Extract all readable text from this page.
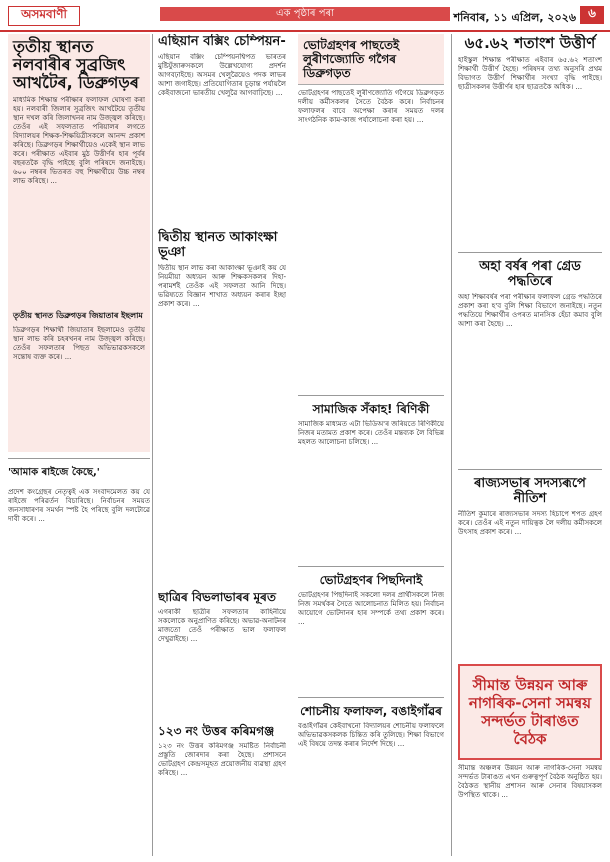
অসমবাণী	এক পৃষ্ঠাৰ পৰা	শনিবাৰ, ১১ এপ্ৰিল, ২০২৬	৬
তৃতীয় স্থানত নলবাৰীৰ সুব্ৰজিৎ আখটৈৰ, ডিব্ৰুগড়ৰ
মাধ্যমিক শিক্ষান্ত পৰীক্ষাৰ ফলাফল ঘোষণা কৰা হয়। নলবাৰী জিলাৰ সুব্ৰজিৎ আখটৈয়ে তৃতীয় স্থান দখল কৰি জিলাখনৰ নাম উজ্জ্বল কৰিছে। তেওঁৰ এই সফলতাত পৰিয়ালৰ লগতে বিদ্যালয়ৰ শিক্ষক-শিক্ষয়িত্ৰীসকলে আনন্দ প্ৰকাশ কৰিছে। ডিব্ৰুগড়ৰ শিক্ষাৰ্থীয়েও একেই স্থান লাভ কৰে। পৰীক্ষাত এইবাৰ মুঠ উত্তীৰ্ণৰ হাৰ পূৰ্বৰ বছৰতকৈ বৃদ্ধি পাইছে বুলি পৰিষদে জনাইছে। ৬০০ নম্বৰৰ ভিতৰত বহু শিক্ষাৰ্থীয়ে উচ্চ নম্বৰ লাভ কৰিছে। ...
তৃতীয় স্থানত ডিব্ৰুগড়ৰ জিয়াতাৰ ইছলাম
ডিব্ৰুগড়ৰ শিক্ষাৰ্থী জিয়াতাৰ ইছলামেও তৃতীয় স্থান লাভ কৰি চহৰখনৰ নাম উজ্জ্বল কৰিছে। তেওঁৰ সফলতাৰ পিছত অভিভাৱকসকলে সন্তোষ ব্যক্ত কৰে। ...
'আমাক ৰাইজে কৈছে,'
প্ৰদেশ কংগ্ৰেছৰ নেতৃত্বই এক সংবাদমেলত কয় যে ৰাইজে পৰিৱৰ্তন বিচাৰিছে। নিৰ্বাচনৰ সময়ত জনসাধাৰণৰ সমৰ্থন স্পষ্ট হৈ পৰিছে বুলি দলটোৱে দাবী কৰে। ...
এছিয়ান বক্সিং চেম্পিয়ন-
এছিয়ান বক্সিং চেম্পিয়নশ্বিপত ভাৰতৰ মুষ্টিযুঁজাৰুসকলে উল্লেখযোগ্য প্ৰদৰ্শন আগবঢ়াইছে। অসমৰ খেলুৱৈয়েও পদক লাভৰ আশা জগাইছে। প্ৰতিযোগিতাৰ চূড়ান্ত পৰ্যায়লৈ কেইবাজনো ভাৰতীয় খেলুৱৈ আগবাঢ়িছে। ...
দ্বিতীয় স্থানত আকাংক্ষা ভূঞা
দ্বিতীয় স্থান লাভ কৰা আকাংক্ষা ভূঞাই কয় যে নিয়মীয়া অধ্যয়ন আৰু শিক্ষকসকলৰ দিহা-পৰামৰ্শই তেওঁক এই সফলতা আনি দিছে। ভৱিষ্যতে বিজ্ঞান শাখাত অধ্যয়ন কৰাৰ ইচ্ছা প্ৰকাশ কৰে। ...
ছাত্ৰিৰ বিভলাভাৰৰ মূৰত
এগৰাকী ছাত্ৰীৰ সফলতাৰ কাহিনীয়ে সকলোকে অনুপ্ৰাণিত কৰিছে। অভাৱ-অনাটনৰ মাজতো তেওঁ পৰীক্ষাত ভাল ফলাফল দেখুৱাইছে। ...
১২৩ নং উত্তৰ কৰিমগঞ্জ
১২৩ নং উত্তৰ কৰিমগঞ্জ সমষ্টিত নিৰ্বাচনী প্ৰস্তুতি জোৰদাৰ কৰা হৈছে। প্ৰশাসনে ভোটগ্ৰহণ কেন্দ্ৰসমূহত প্ৰয়োজনীয় ব্যৱস্থা গ্ৰহণ কৰিছে। ...
ভোটগ্ৰহণৰ পাছতেই লুৰীণজ্যোতি গগৈৰ ডিব্ৰুগড়ত
ভোটগ্ৰহণৰ পাছতেই লুৰীণজ্যোতি গগৈয়ে ডিব্ৰুগড়ত দলীয় কৰ্মীসকলৰ সৈতে বৈঠক কৰে। নিৰ্বাচনৰ ফলাফলৰ বাবে অপেক্ষা কৰাৰ সময়ত দলৰ সাংগঠনিক কাম-কাজ পৰ্যালোচনা কৰা হয়। ...
সামাজিক সঁকাহ! ৰিণিকী
সামাজিক মাধ্যমত এটা ভিডিঅ'ৰ জৰিয়তে ৰিণিকীয়ে নিজৰ মতামত প্ৰকাশ কৰে। তেওঁৰ মন্তব্যক লৈ বিভিন্ন মহলত আলোচনা চলিছে। ...
ভোটগ্ৰহণৰ পিছদিনাই
ভোটগ্ৰহণৰ পিছদিনাই সকলো দলৰ প্ৰাৰ্থীসকলে নিজ নিজ সমৰ্থকৰ সৈতে আলোচনাত মিলিত হয়। নিৰ্বাচন আয়োগে ভোটদানৰ হাৰ সম্পৰ্কে তথ্য প্ৰকাশ কৰে। ...
শোচনীয় ফলাফল, বঙাইগাঁৱৰ
বঙাইগাঁৱৰ কেইবাখনো বিদ্যালয়ৰ শোচনীয় ফলাফলে অভিভাৱকসকলক চিন্তিত কৰি তুলিছে। শিক্ষা বিভাগে এই বিষয়ে তদন্ত কৰাৰ নিৰ্দেশ দিছে। ...
৬৫.৬২ শতাংশ উত্তীৰ্ণ
হাইস্কুল শিক্ষান্ত পৰীক্ষাত এইবাৰ ৬৫.৬২ শতাংশ শিক্ষাৰ্থী উত্তীৰ্ণ হৈছে। পৰিষদৰ তথ্য অনুসৰি প্ৰথম বিভাগত উত্তীৰ্ণ শিক্ষাৰ্থীৰ সংখ্যা বৃদ্ধি পাইছে। ছাত্ৰীসকলৰ উত্তীৰ্ণৰ হাৰ ছাত্ৰতকৈ অধিক। ...
অহা বৰ্ষৰ পৰা গ্ৰেড পদ্ধতিৰে
অহা শিক্ষাবৰ্ষৰ পৰা পৰীক্ষাৰ ফলাফল গ্ৰেড পদ্ধতিৰে প্ৰকাশ কৰা হ'ব বুলি শিক্ষা বিভাগে জনাইছে। নতুন পদ্ধতিয়ে শিক্ষাৰ্থীৰ ওপৰত মানসিক হেঁচা কমাব বুলি আশা কৰা হৈছে। ...
ৰাজ্যসভাৰ সদস্যৰূপে নীতিশ
নীতিশ কুমাৰে ৰাজ্যসভাৰ সদস্য হিচাপে শপত গ্ৰহণ কৰে। তেওঁৰ এই নতুন দায়িত্বক লৈ দলীয় কৰ্মীসকলে উৎসাহ প্ৰকাশ কৰে। ...
সীমান্ত উন্নয়ন আৰু নাগৰিক-সেনা সমন্বয় সন্দৰ্ভত টাৰাঙত বৈঠক
সীমান্ত অঞ্চলৰ উন্নয়ন আৰু নাগৰিক-সেনা সমন্বয় সন্দৰ্ভত টাৰাঙত এখন গুৰুত্বপূৰ্ণ বৈঠক অনুষ্ঠিত হয়। বৈঠকত স্থানীয় প্ৰশাসন আৰু সেনাৰ বিষয়াসকল উপস্থিত থাকে। ...
